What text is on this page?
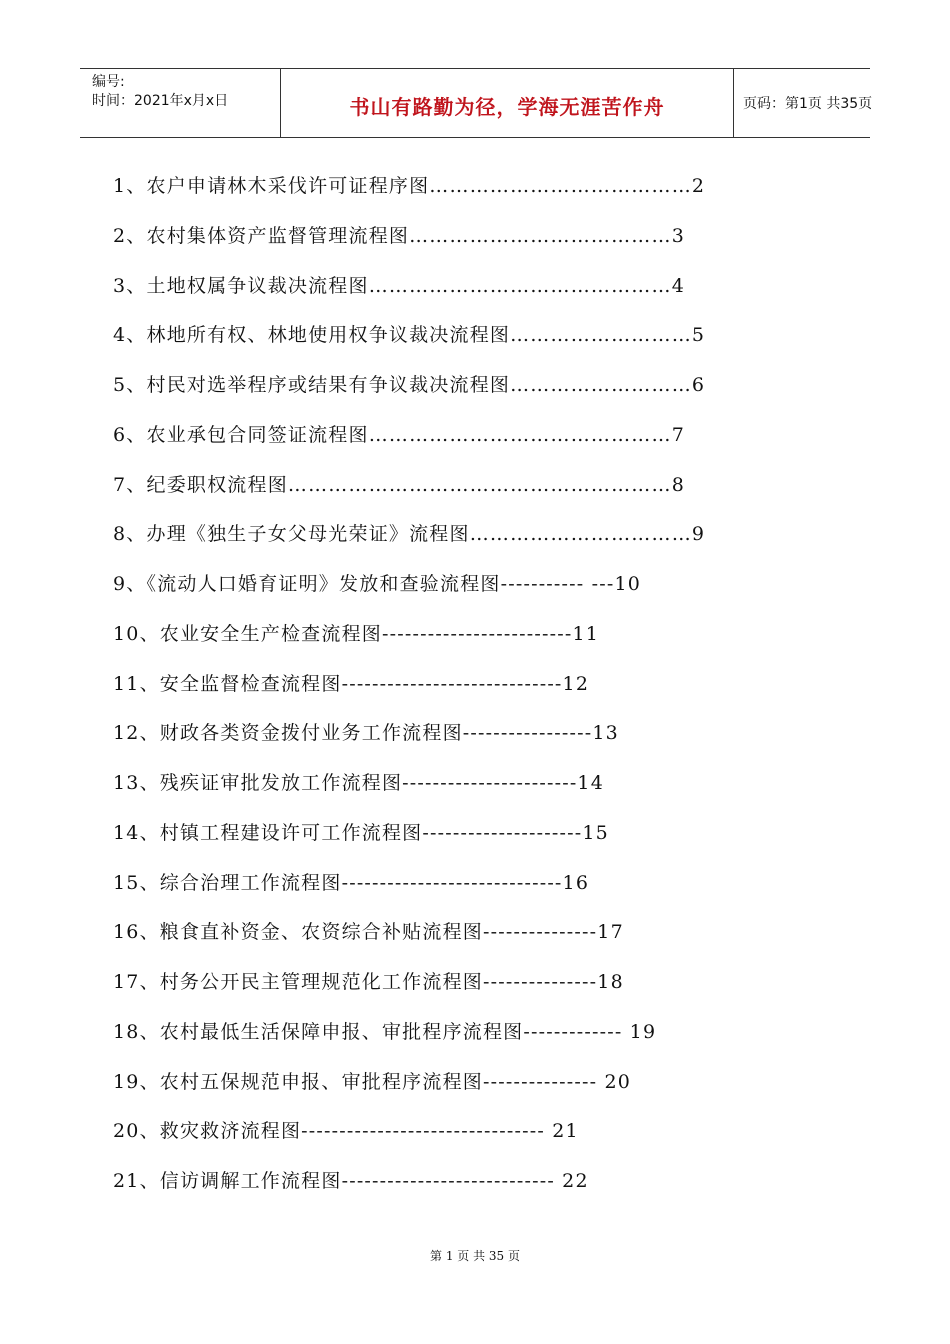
编号:
时间：2021年x月x日	书山有路勤为径，学海无涯苦作舟	页码：第1页 共35页
1、农户申请林木采伐许可证程序图…………………………………2
2、农村集体资产监督管理流程图…………………………………3
3、土地权属争议裁决流程图………………………………………4
4、林地所有权、林地使用权争议裁决流程图………………………5
5、村民对选举程序或结果有争议裁决流程图………………………6
6、农业承包合同签证流程图………………………………………7
7、纪委职权流程图…………………………………………………8
8、办理《独生子女父母光荣证》流程图……………………………9
9、《流动人口婚育证明》发放和查验流程图----------- ---10
10、农业安全生产检查流程图-------------------------11
11、安全监督检查流程图-----------------------------12
12、财政各类资金拨付业务工作流程图-----------------13
13、残疾证审批发放工作流程图-----------------------14
14、村镇工程建设许可工作流程图---------------------15
15、综合治理工作流程图-----------------------------16
16、粮食直补资金、农资综合补贴流程图---------------17
17、村务公开民主管理规范化工作流程图---------------18
18、农村最低生活保障申报、审批程序流程图------------- 19
19、农村五保规范申报、审批程序流程图--------------- 20
20、救灾救济流程图-------------------------------- 21
21、信访调解工作流程图---------------------------- 22
第 1 页 共 35 页
